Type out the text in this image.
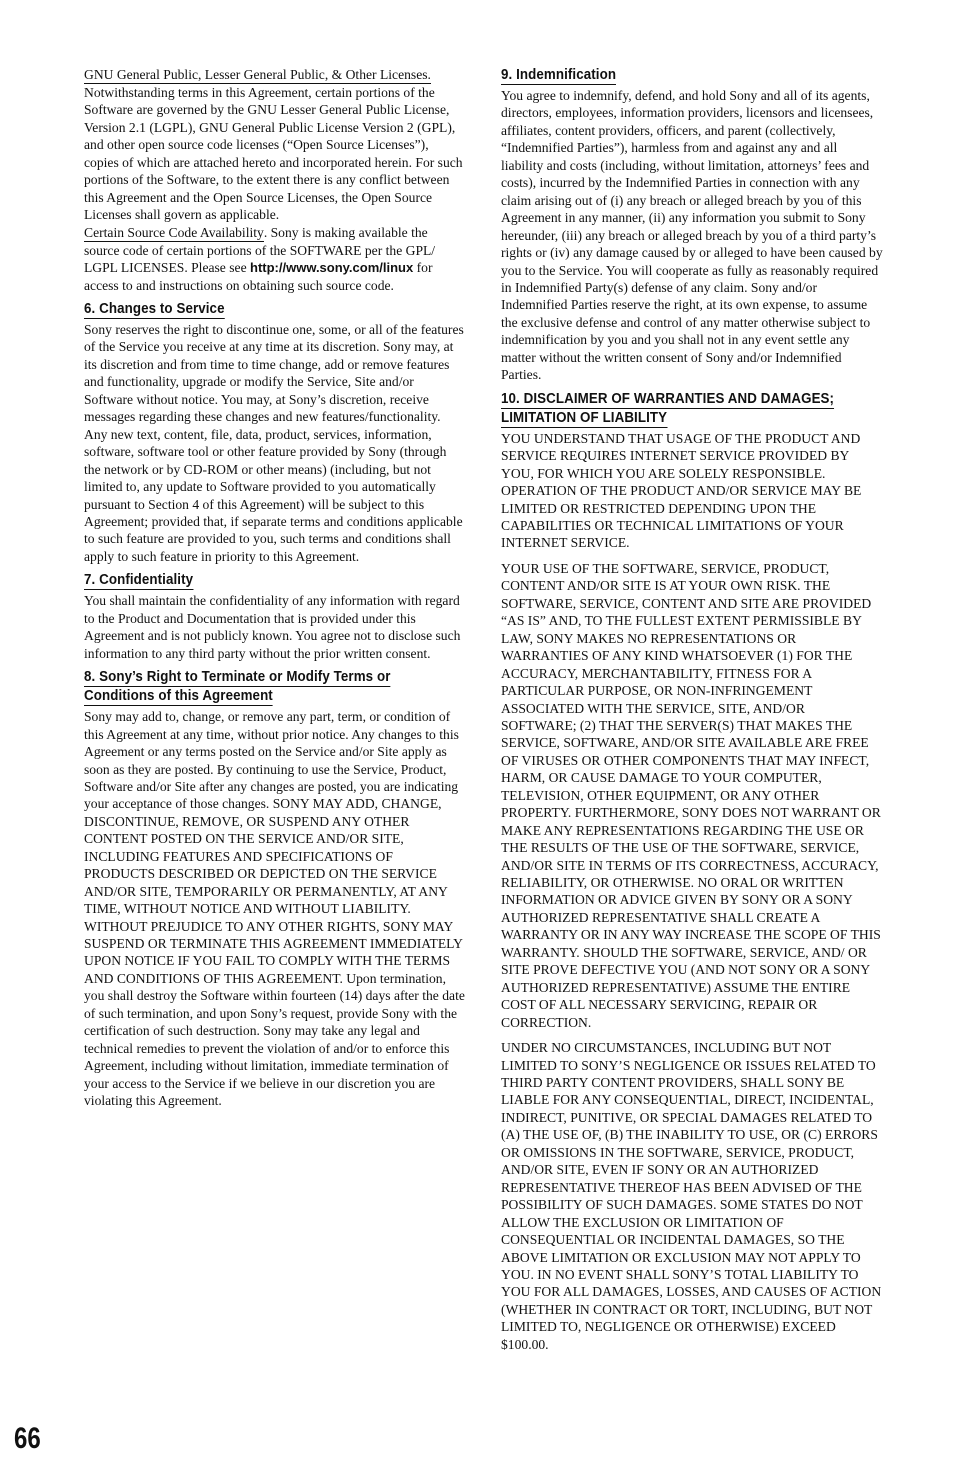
GNU General Public, Lesser General Public, & Other Licenses.
Notwithstanding terms in this Agreement, certain portions of the Software are governed by the GNU Lesser General Public License, Version 2.1 (LGPL), GNU General Public License Version 2 (GPL), and other open source code licenses (“Open Source Licenses”), copies of which are attached hereto and incorporated herein. For such portions of the Software, to the extent there is any conflict between this Agreement and the Open Source Licenses, the Open Source Licenses shall govern as applicable.

Certain Source Code Availability. Sony is making available the source code of certain portions of the SOFTWARE per the GPL/ LGPL LICENSES. Please see http://www.sony.com/linux for access to and instructions on obtaining such source code.

6. Changes to Service

Sony reserves the right to discontinue one, some, or all of the features of the Service you receive at any time at its discretion. Sony may, at its discretion and from time to time change, add or remove features and functionality, upgrade or modify the Service, Site and/or Software without notice. You may, at Sony’s discretion, receive messages regarding these changes and new features/functionality. Any new text, content, file, data, product, services, information, software, software tool or other feature provided by Sony (through the network or by CD-ROM or other means) (including, but not limited to, any update to Software provided to you automatically pursuant to Section 4 of this Agreement) will be subject to this Agreement; provided that, if separate terms and conditions applicable to such feature are provided to you, such terms and conditions shall apply to such feature in priority to this Agreement.

7. Confidentiality

You shall maintain the confidentiality of any information with regard to the Product and Documentation that is provided under this Agreement and is not publicly known. You agree not to disclose such information to any third party without the prior written consent.

8. Sony’s Right to Terminate or Modify Terms or
Conditions of this Agreement

Sony may add to, change, or remove any part, term, or condition of this Agreement at any time, without prior notice. Any changes to this Agreement or any terms posted on the Service and/or Site apply as soon as they are posted. By continuing to use the Service, Product, Software and/or Site after any changes are posted, you are indicating your acceptance of those changes. SONY MAY ADD, CHANGE, DISCONTINUE, REMOVE, OR SUSPEND ANY OTHER CONTENT POSTED ON THE SERVICE AND/OR SITE, INCLUDING FEATURES AND SPECIFICATIONS OF PRODUCTS DESCRIBED OR DEPICTED ON THE SERVICE AND/OR SITE, TEMPORARILY OR PERMANENTLY, AT ANY TIME, WITHOUT NOTICE AND WITHOUT LIABILITY. WITHOUT PREJUDICE TO ANY OTHER RIGHTS, SONY MAY SUSPEND OR TERMINATE THIS AGREEMENT IMMEDIATELY UPON NOTICE IF YOU FAIL TO COMPLY WITH THE TERMS AND CONDITIONS OF THIS AGREEMENT. Upon termination, you shall destroy the Software within fourteen (14) days after the date of such termination, and upon Sony’s request, provide Sony with the certification of such destruction. Sony may take any legal and technical remedies to prevent the violation of and/or to enforce this Agreement, including without limitation, immediate termination of your access to the Service if we believe in our discretion you are violating this Agreement.

9. Indemnification

You agree to indemnify, defend, and hold Sony and all of its agents, directors, employees, information providers, licensors and licensees, affiliates, content providers, officers, and parent (collectively, “Indemnified Parties”), harmless from and against any and all liability and costs (including, without limitation, attorneys’ fees and costs), incurred by the Indemnified Parties in connection with any claim arising out of (i) any breach or alleged breach by you of this Agreement in any manner, (ii) any information you submit to Sony hereunder, (iii) any breach or alleged breach by you of a third party’s rights or (iv) any damage caused by or alleged to have been caused by you to the Service. You will cooperate as fully as reasonably required in Indemnified Party(s) defense of any claim. Sony and/or Indemnified Parties reserve the right, at its own expense, to assume the exclusive defense and control of any matter otherwise subject to indemnification by you and you shall not in any event settle any matter without the written consent of Sony and/or Indemnified Parties.

10. DISCLAIMER OF WARRANTIES AND DAMAGES;
LIMITATION OF LIABILITY

YOU UNDERSTAND THAT USAGE OF THE PRODUCT AND SERVICE REQUIRES INTERNET SERVICE PROVIDED BY YOU, FOR WHICH YOU ARE SOLELY RESPONSIBLE. OPERATION OF THE PRODUCT AND/OR SERVICE MAY BE LIMITED OR RESTRICTED DEPENDING UPON THE CAPABILITIES OR TECHNICAL LIMITATIONS OF YOUR INTERNET SERVICE.

YOUR USE OF THE SOFTWARE, SERVICE, PRODUCT, CONTENT AND/OR SITE IS AT YOUR OWN RISK. THE SOFTWARE, SERVICE, CONTENT AND SITE ARE PROVIDED “AS IS” AND, TO THE FULLEST EXTENT PERMISSIBLE BY LAW, SONY MAKES NO REPRESENTATIONS OR WARRANTIES OF ANY KIND WHATSOEVER (1) FOR THE ACCURACY, MERCHANTABILITY, FITNESS FOR A PARTICULAR PURPOSE, OR NON-INFRINGEMENT ASSOCIATED WITH THE SERVICE, SITE, AND/OR SOFTWARE; (2) THAT THE SERVER(S) THAT MAKES THE SERVICE, SOFTWARE, AND/OR SITE AVAILABLE ARE FREE OF VIRUSES OR OTHER COMPONENTS THAT MAY INFECT, HARM, OR CAUSE DAMAGE TO YOUR COMPUTER, TELEVISION, OTHER EQUIPMENT, OR ANY OTHER PROPERTY. FURTHERMORE, SONY DOES NOT WARRANT OR MAKE ANY REPRESENTATIONS REGARDING THE USE OR THE RESULTS OF THE USE OF THE SOFTWARE, SERVICE, AND/OR SITE IN TERMS OF ITS CORRECTNESS, ACCURACY, RELIABILITY, OR OTHERWISE. NO ORAL OR WRITTEN INFORMATION OR ADVICE GIVEN BY SONY OR A SONY AUTHORIZED REPRESENTATIVE SHALL CREATE A WARRANTY OR IN ANY WAY INCREASE THE SCOPE OF THIS WARRANTY. SHOULD THE SOFTWARE, SERVICE, AND/ OR SITE PROVE DEFECTIVE YOU (AND NOT SONY OR A SONY AUTHORIZED REPRESENTATIVE) ASSUME THE ENTIRE COST OF ALL NECESSARY SERVICING, REPAIR OR CORRECTION.

UNDER NO CIRCUMSTANCES, INCLUDING BUT NOT LIMITED TO SONY’S NEGLIGENCE OR ISSUES RELATED TO THIRD PARTY CONTENT PROVIDERS, SHALL SONY BE LIABLE FOR ANY CONSEQUENTIAL, DIRECT, INCIDENTAL, INDIRECT, PUNITIVE, OR SPECIAL DAMAGES RELATED TO (A) THE USE OF, (B) THE INABILITY TO USE, OR (C) ERRORS OR OMISSIONS IN THE SOFTWARE, SERVICE, PRODUCT, AND/OR SITE, EVEN IF SONY OR AN AUTHORIZED REPRESENTATIVE THEREOF HAS BEEN ADVISED OF THE POSSIBILITY OF SUCH DAMAGES. SOME STATES DO NOT ALLOW THE EXCLUSION OR LIMITATION OF CONSEQUENTIAL OR INCIDENTAL DAMAGES, SO THE ABOVE LIMITATION OR EXCLUSION MAY NOT APPLY TO YOU. IN NO EVENT SHALL SONY’S TOTAL LIABILITY TO YOU FOR ALL DAMAGES, LOSSES, AND CAUSES OF ACTION (WHETHER IN CONTRACT OR TORT, INCLUDING, BUT NOT LIMITED TO, NEGLIGENCE OR OTHERWISE) EXCEED $100.00.

66
